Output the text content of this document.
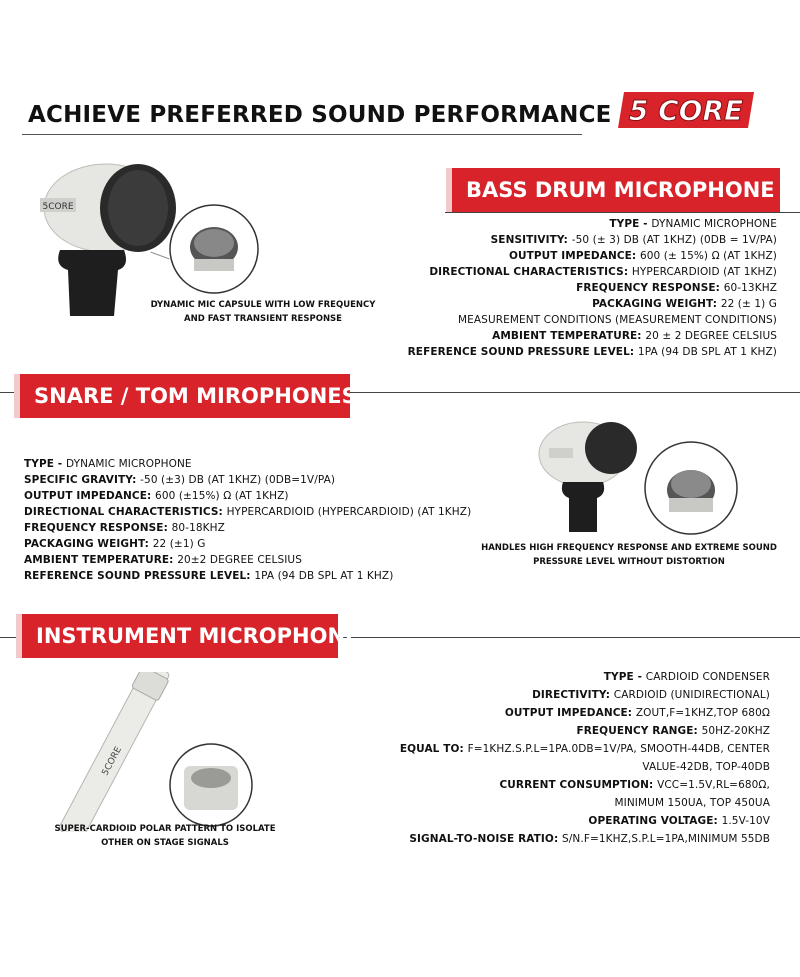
ACHIEVE PREFERRED SOUND PERFORMANCE 5 CORE
5CORE
DYNAMIC MIC CAPSULE WITH LOW FREQUENCY
AND FAST TRANSIENT RESPONSE
BASS DRUM MICROPHONE
TYPE - DYNAMIC MICROPHONE
SENSITIVITY: -50 (± 3) DB (AT 1KHZ) (0DB = 1V/PA)
OUTPUT IMPEDANCE: 600 (± 15%) Ω (AT 1KHZ)
DIRECTIONAL CHARACTERISTICS: HYPERCARDIOID (AT 1KHZ)
FREQUENCY RESPONSE: 60-13KHZ
PACKAGING WEIGHT: 22 (± 1) G
MEASUREMENT CONDITIONS (MEASUREMENT CONDITIONS)
AMBIENT TEMPERATURE: 20 ± 2 DEGREE CELSIUS
REFERENCE SOUND PRESSURE LEVEL: 1PA (94 DB SPL AT 1 KHZ)
SNARE / TOM MIROPHONES
TYPE - DYNAMIC MICROPHONE
SPECIFIC GRAVITY: -50 (±3) DB (AT 1KHZ) (0DB=1V/PA)
OUTPUT IMPEDANCE: 600 (±15%) Ω (AT 1KHZ)
DIRECTIONAL CHARACTERISTICS: HYPERCARDIOID (HYPERCARDIOID) (AT 1KHZ)
FREQUENCY RESPONSE: 80-18KHZ
PACKAGING WEIGHT: 22 (±1) G
AMBIENT TEMPERATURE: 20±2 DEGREE CELSIUS
REFERENCE SOUND PRESSURE LEVEL: 1PA (94 DB SPL AT 1 KHZ)
HANDLES HIGH FREQUENCY RESPONSE AND EXTREME SOUND
PRESSURE LEVEL WITHOUT DISTORTION
INSTRUMENT MICROPHONE
5CORE
SUPER-CARDIOID POLAR PATTERN TO ISOLATE
OTHER ON STAGE SIGNALS
TYPE - CARDIOID CONDENSER
DIRECTIVITY: CARDIOID (UNIDIRECTIONAL)
OUTPUT IMPEDANCE: ZOUT,F=1KHZ,TOP 680Ω
FREQUENCY RANGE: 50HZ-20KHZ
EQUAL TO: F=1KHZ.S.P.L=1PA.0DB=1V/PA, SMOOTH-44DB, CENTER
VALUE-42DB, TOP-40DB
CURRENT CONSUMPTION: VCC=1.5V,RL=680Ω,
MINIMUM 150UA, TOP 450UA
OPERATING VOLTAGE: 1.5V-10V
SIGNAL-TO-NOISE RATIO: S/N.F=1KHZ,S.P.L=1PA,MINIMUM 55DB
